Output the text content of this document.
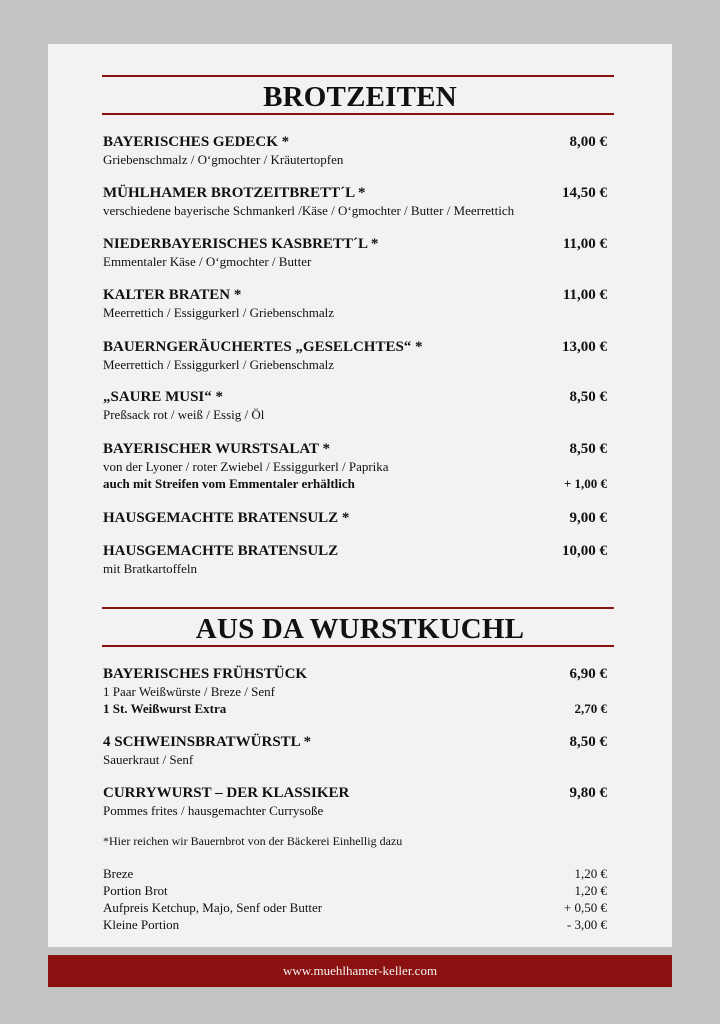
BROTZEITEN
BAYERISCHES GEDECK *	8,00 €
Griebenschmalz / O‘gmochter / Kräutertopfen
MÜHLHAMER BROTZEITBRETT´L *	14,50 €
verschiedene bayerische Schmankerl /Käse / O‘gmochter / Butter / Meerrettich
NIEDERBAYERISCHES KASBRETT´L *	11,00 €
Emmentaler Käse / O‘gmochter / Butter
KALTER BRATEN *	11,00 €
Meerrettich / Essiggurkerl / Griebenschmalz
BAUERNGERÄUCHERTES „GESELCHTES“ *	13,00 €
Meerrettich / Essiggurkerl / Griebenschmalz
„SAURE MUSI“ *	8,50 €
Preßsack rot / weiß / Essig / Öl
BAYERISCHER WURSTSALAT *	8,50 €
von der Lyoner / roter Zwiebel / Essiggurkerl / Paprika
auch mit Streifen vom Emmentaler erhältlich	+ 1,00 €
HAUSGEMACHTE BRATENSULZ *	9,00 €
HAUSGEMACHTE BRATENSULZ	10,00 €
mit Bratkartoffeln
AUS DA WURSTKUCHL
BAYERISCHES FRÜHSTÜCK	6,90 €
1 Paar Weißwürste / Breze / Senf
1 St. Weißwurst Extra	2,70 €
4 SCHWEINSBRATWÜRSTL *	8,50 €
Sauerkraut / Senf
CURRYWURST – DER KLASSIKER	9,80 €
Pommes frites / hausgemachter Currysoße
*Hier reichen wir Bauernbrot von der Bäckerei Einhellig dazu
Breze	1,20 €
Portion Brot	1,20 €
Aufpreis Ketchup, Majo, Senf oder Butter	+ 0,50 €
Kleine Portion	- 3,00 €
www.muehlhamer-keller.com
